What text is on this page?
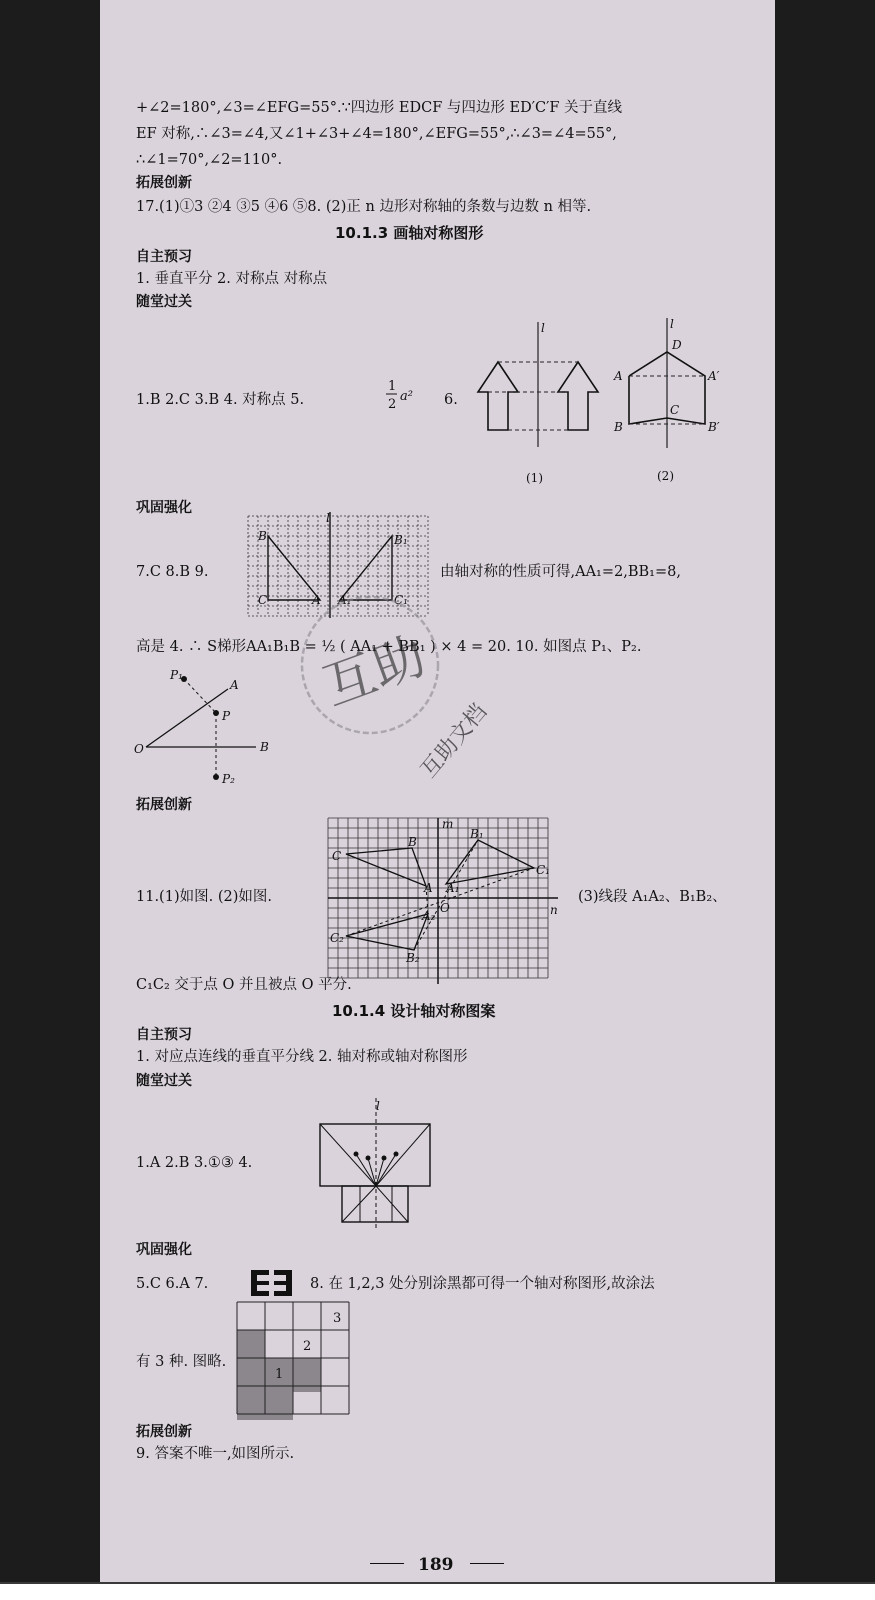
+∠2=180°,∠3=∠EFG=55°.∵四边形 EDCF 与四边形 ED′C′F 关于直线
EF 对称,∴∠3=∠4,又∠1+∠3+∠4=180°,∠EFG=55°,∴∠3=∠4=55°,
∴∠1=70°,∠2=110°.
拓展创新
17.(1)①3 ②4 ③5 ④6 ⑤8. (2)正 n 边形对称轴的条数与边数 n 相等.
10.1.3 画轴对称图形
自主预习
1. 垂直平分 2. 对称点 对称点
随堂过关
1.B 2.C 3.B 4. 对称点 5.
1
2
a² 6.
l
(1)
l
D
A	A′
C
B	B′
(2)
巩固强化
7.C 8.B 9.
l
B	B₁
C	C₁
A A₁
由轴对称的性质可得,AA₁=2,BB₁=8,
高是 4. ∴ S梯形AA₁B₁B = ½ ( AA₁ + BB₁ ) × 4 = 20. 10. 如图点 P₁、P₂.
P₁
A
P
O	B
P₂
互助
互助文档
拓展创新
11.(1)如图. (2)如图.
m
n
B
B₁
C
C₁
A A₁
O
A₂
C₂
B₂
(3)线段 A₁A₂、B₁B₂、
C₁C₂ 交于点 O 并且被点 O 平分.
10.1.4 设计轴对称图案
自主预习
1. 对应点连线的垂直平分线 2. 轴对称或轴对称图形
随堂过关
1.A 2.B 3.①③ 4.
l
巩固强化
5.C 6.A 7.	8. 在 1,2,3 处分别涂黑都可得一个轴对称图形,故涂法
3
2
1
有 3 种. 图略.
拓展创新
9. 答案不唯一,如图所示.
189
